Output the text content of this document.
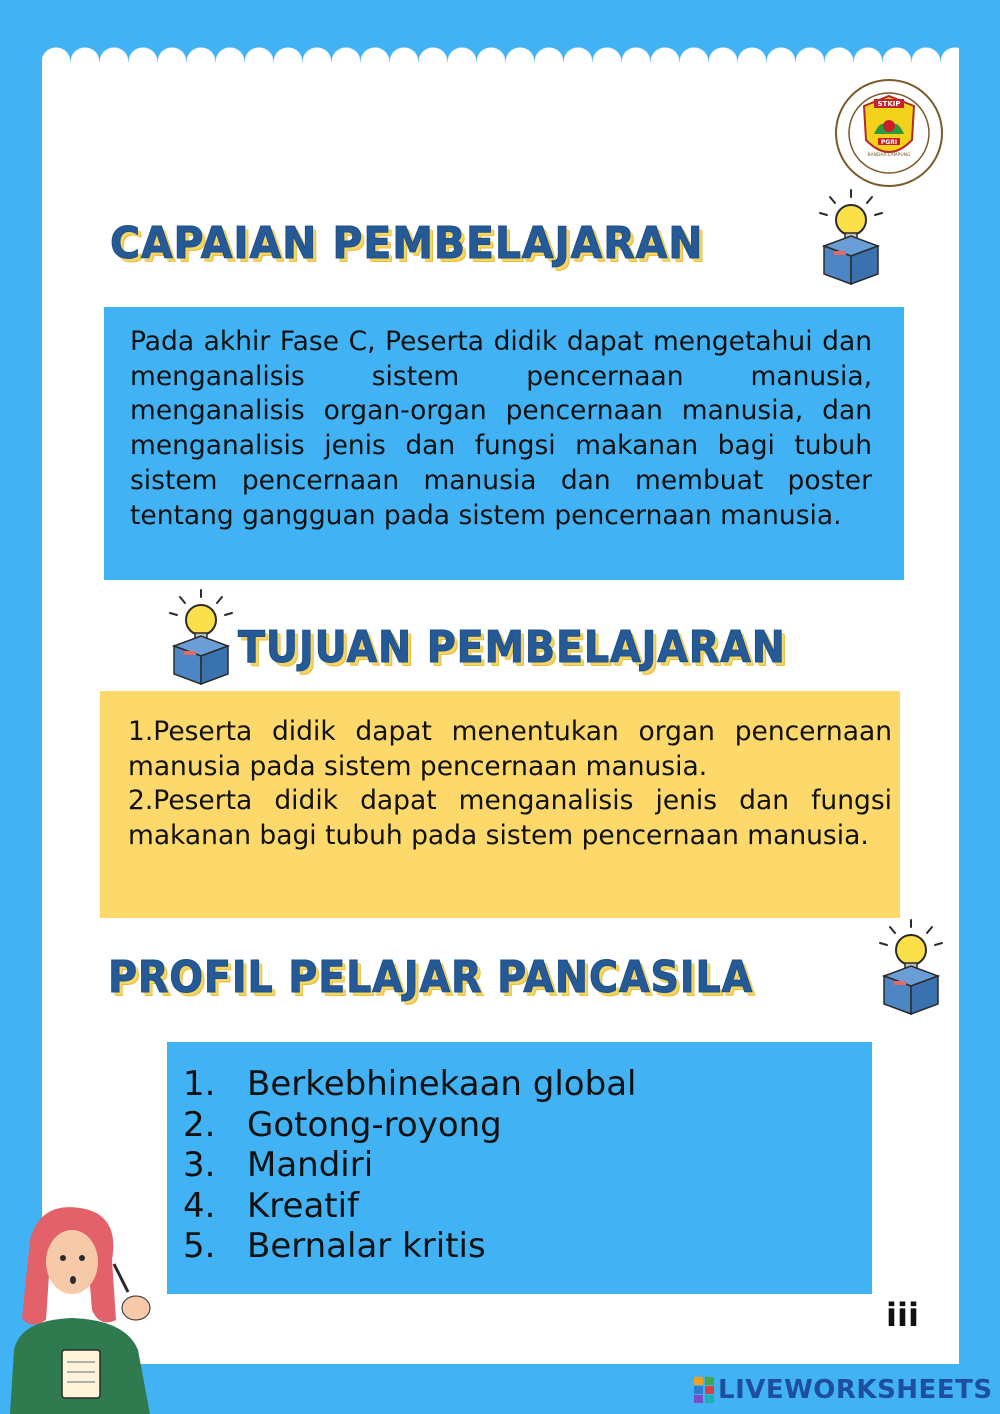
STKIP
PGRI
BANDAR LAMPUNG
CAPAIAN PEMBELAJARAN

Pada akhir Fase C, Peserta didik dapat mengetahui dan menganalisis sistem pencernaan manusia, menganalisis organ-organ pencernaan manusia, dan menganalisis jenis dan fungsi makanan bagi tubuh sistem pencernaan manusia dan membuat poster tentang gangguan pada sistem pencernaan manusia.

TUJUAN PEMBELAJARAN

1.Peserta didik dapat menentukan organ pencernaan manusia pada sistem pencernaan manusia.

2.Peserta didik dapat menganalisis jenis dan fungsi makanan bagi tubuh pada sistem pencernaan manusia.

PROFIL PELAJAR PANCASILA
1. Berkebhinekaan global
2. Gotong-royong
3. Mandiri
4. Kreatif
5. Bernalar kritis
iii
LIVEWORKSHEETS
